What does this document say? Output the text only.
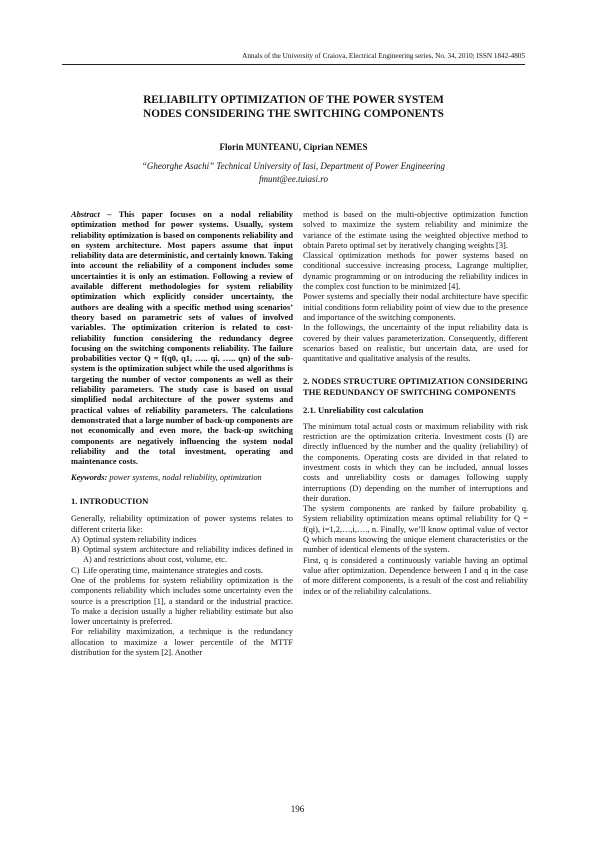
Annals of the University of Craiova, Electrical Engineering series, No. 34, 2010; ISSN 1842-4805
RELIABILITY OPTIMIZATION OF THE POWER SYSTEM
NODES CONSIDERING THE SWITCHING COMPONENTS
Florin MUNTEANU, Ciprian NEMES
“Gheorghe Asachi” Technical University of Iasi, Department of Power Engineering
fmunt@ee.tuiasi.ro
Abstract – This paper focuses on a nodal reliability optimization method for power systems. Usually, system reliability optimization is based on components reliability and on system architecture. Most papers assume that input reliability data are deterministic, and certainly known. Taking into account the reliability of a component includes some uncertainties it is only an estimation. Following a review of available different methodologies for system reliability optimization which explicitly consider uncertainty, the authors are dealing with a specific method using scenarios’ theory based on parametric sets of values of involved variables. The optimization criterion is related to cost-reliability function considering the redundancy degree focusing on the switching components reliability. The failure probabilities vector Q = f(q0, q1, ….. qi, ….. qn) of the sub-system is the optimization subject while the used algorithms is targeting the number of vector components as well as their reliability parameters. The study case is based on usual simplified nodal architecture of the power systems and practical values of reliability parameters. The calculations demonstrated that a large number of back-up components are not economically and even more, the back-up switching components are negatively influencing the system nodal reliability and the total investment, operating and maintenance costs.
Keywords: power systems, nodal reliability, optimization
1. INTRODUCTION

Generally, reliability optimization of power systems relates to different criteria like:

A) Optimal system reliability indices
B) Optimal system architecture and reliability indices defined in A) and restrictions about cost, volume, etc.
C) Life operating time, maintenance strategies and costs.

One of the problems for system reliability optimization is the components reliability which includes some uncertainty even the source is a prescription [1], a standard or the industrial practice. To make a decision usually a higher reliability estimate but also lower uncertainty is preferred.

For reliability maximization, a technique is the redundancy allocation to maximize a lower percentile of the MTTF distribution for the system [2]. Another

method is based on the multi-objective optimization function solved to maximize the system reliability and minimize the variance of the estimate using the weighted objective method to obtain Pareto optimal set by iteratively changing weights [3].

Classical optimization methods for power systems based on conditional successive increasing process, Lagrange multiplier, dynamic programming or on introducing the reliability indices in the complex cost function to be minimized [4].

Power systems and specially their nodal architecture have specific initial conditions form reliability point of view due to the presence and importance of the switching components.

In the followings, the uncertainty of the input reliability data is covered by their values parameterization. Consequently, different scenarios based on realistic, but uncertain data, are used for quantitative and qualitative analysis of the results.

2. NODES STRUCTURE OPTIMIZATION CONSIDERING THE REDUNDANCY OF SWITCHING COMPONENTS
2.1. Unreliability cost calculation

The minimum total actual costs or maximum reliability with risk restriction are the optimization criteria. Investment costs (I) are directly influenced by the number and the quality (reliability) of the components. Operating costs are divided in that related to investment costs in which they can be included, annual losses costs and unreliability costs or damages following supply interruptions (D) depending on the number of interruptions and their duration.

The system components are ranked by failure probability q. System reliability optimization means optimal reliability for Q = f(qi), i=1,2,…,i,…., n. Finally, we’ll know optimal value of vector Q which means knowing the unique element characteristics or the number of identical elements of the system.

First, q is considered a continuously variable having an optimal value after optimization. Dependence between I and q in the case of more different components, is a result of the cost and reliability index or of the reliability calculations.

196
